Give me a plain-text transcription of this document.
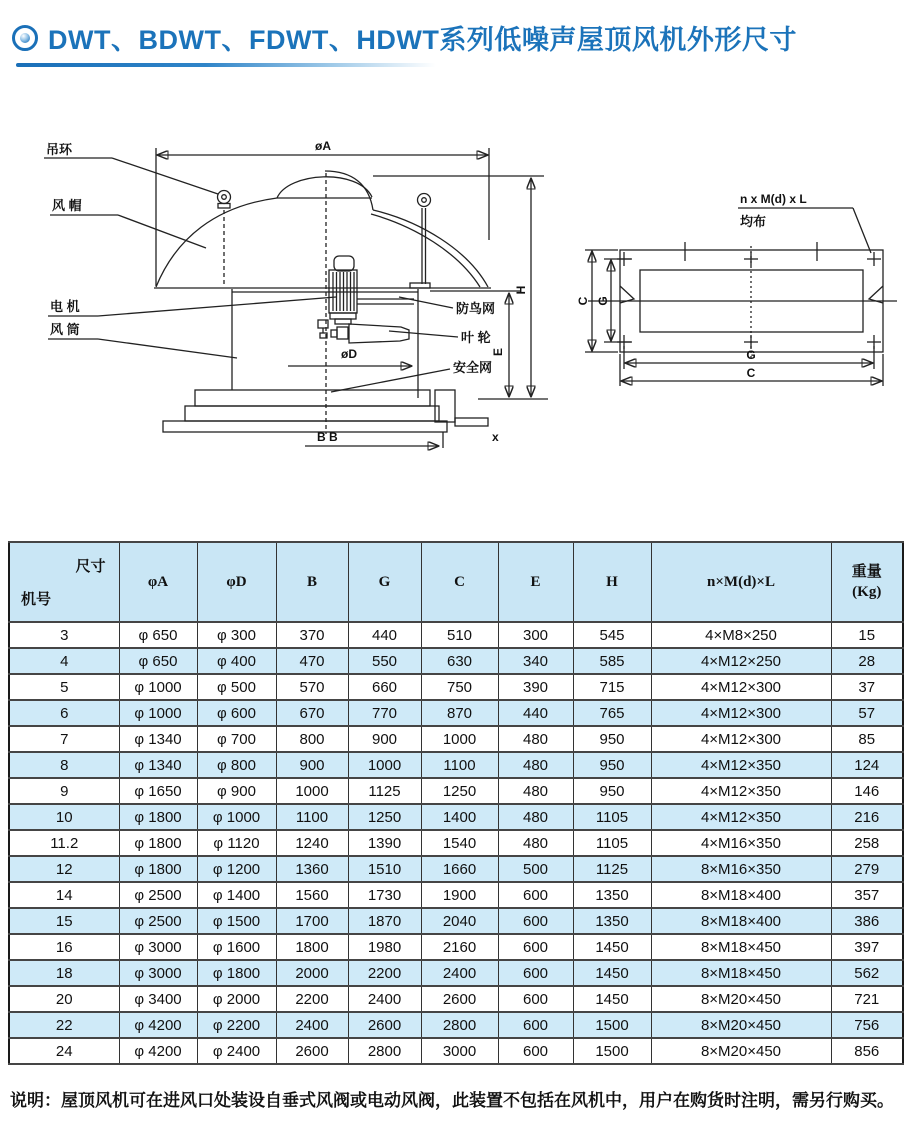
DWT、BDWT、FDWT、HDWT系列低噪声屋顶风机外形尺寸
øA
øD
B B	x
E
H
吊环
风 帽
电 机
风 筒
防鸟网
叶 轮
安全网
C G
G
C
n x M(d) x L
均布
尺寸
机号
	φA	φD	B	G	C	E	H	n×M(d)×L	
重量
(Kg)

3	φ 650	φ 300	370	440	510	300	545	4×M8×250	15
4	φ 650	φ 400	470	550	630	340	585	4×M12×250	28
5	φ 1000	φ 500	570	660	750	390	715	4×M12×300	37
6	φ 1000	φ 600	670	770	870	440	765	4×M12×300	57
7	φ 1340	φ 700	800	900	1000	480	950	4×M12×300	85
8	φ 1340	φ 800	900	1000	1100	480	950	4×M12×350	124
9	φ 1650	φ 900	1000	1125	1250	480	950	4×M12×350	146
10	φ 1800	φ 1000	1100	1250	1400	480	1105	4×M12×350	216
11.2	φ 1800	φ 1120	1240	1390	1540	480	1105	4×M16×350	258
12	φ 1800	φ 1200	1360	1510	1660	500	1125	8×M16×350	279
14	φ 2500	φ 1400	1560	1730	1900	600	1350	8×M18×400	357
15	φ 2500	φ 1500	1700	1870	2040	600	1350	8×M18×400	386
16	φ 3000	φ 1600	1800	1980	2160	600	1450	8×M18×450	397
18	φ 3000	φ 1800	2000	2200	2400	600	1450	8×M18×450	562
20	φ 3400	φ 2000	2200	2400	2600	600	1450	8×M20×450	721
22	φ 4200	φ 2200	2400	2600	2800	600	1500	8×M20×450	756
24	φ 4200	φ 2400	2600	2800	3000	600	1500	8×M20×450	856
说明：屋顶风机可在进风口处装设自垂式风阀或电动风阀，此装置不包括在风机中，用户在购货时注明，需另行购买。
